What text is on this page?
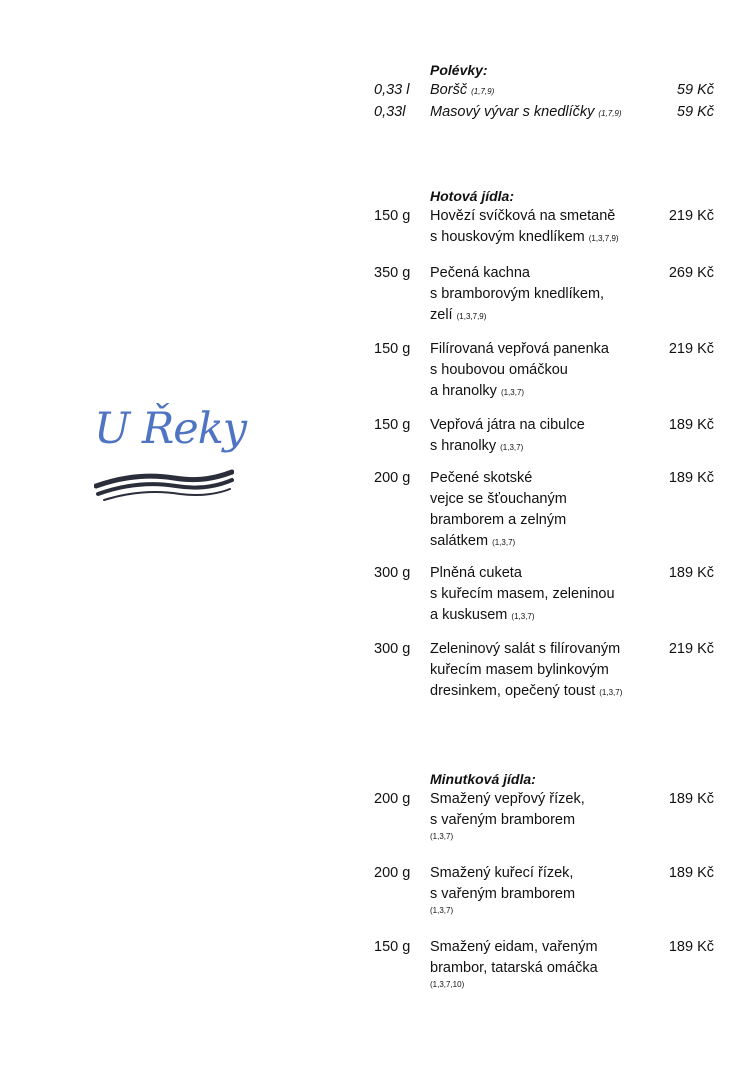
U Řeky
Polévky:
0,33 l Boršč (1,7,9)	59 Kč
0,33l Masový vývar s knedlíčky (1,7,9)	59 Kč
Hotová jídla:
150 g Hovězí svíčková na smetaně
s houskovým knedlíkem (1,3,7,9)
219 Kč
350 g Pečená kachna
s bramborovým knedlíkem,
zelí (1,3,7,9)
269 Kč
150 g Filírovaná vepřová panenka
s houbovou omáčkou
a hranolky (1,3,7)
219 Kč
150 g Vepřová játra na cibulce
s hranolky (1,3,7)
189 Kč
200 g Pečené skotské
vejce se šťouchaným
bramborem a zelným
salátkem (1,3,7)
189 Kč
300 g Plněná cuketa
s kuřecím masem, zeleninou
a kuskusem (1,3,7)
189 Kč
300 g Zeleninový salát s filírovaným
kuřecím masem bylinkovým
dresinkem, opečený toust (1,3,7)
219 Kč
Minutková jídla:
200 g Smažený vepřový řízek,
s vařeným bramborem
(1,3,7)
189 Kč
200 g Smažený kuřecí řízek,
s vařeným bramborem
(1,3,7)
189 Kč
150 g Smažený eidam, vařeným
brambor, tatarská omáčka
(1,3,7,10)
189 Kč
